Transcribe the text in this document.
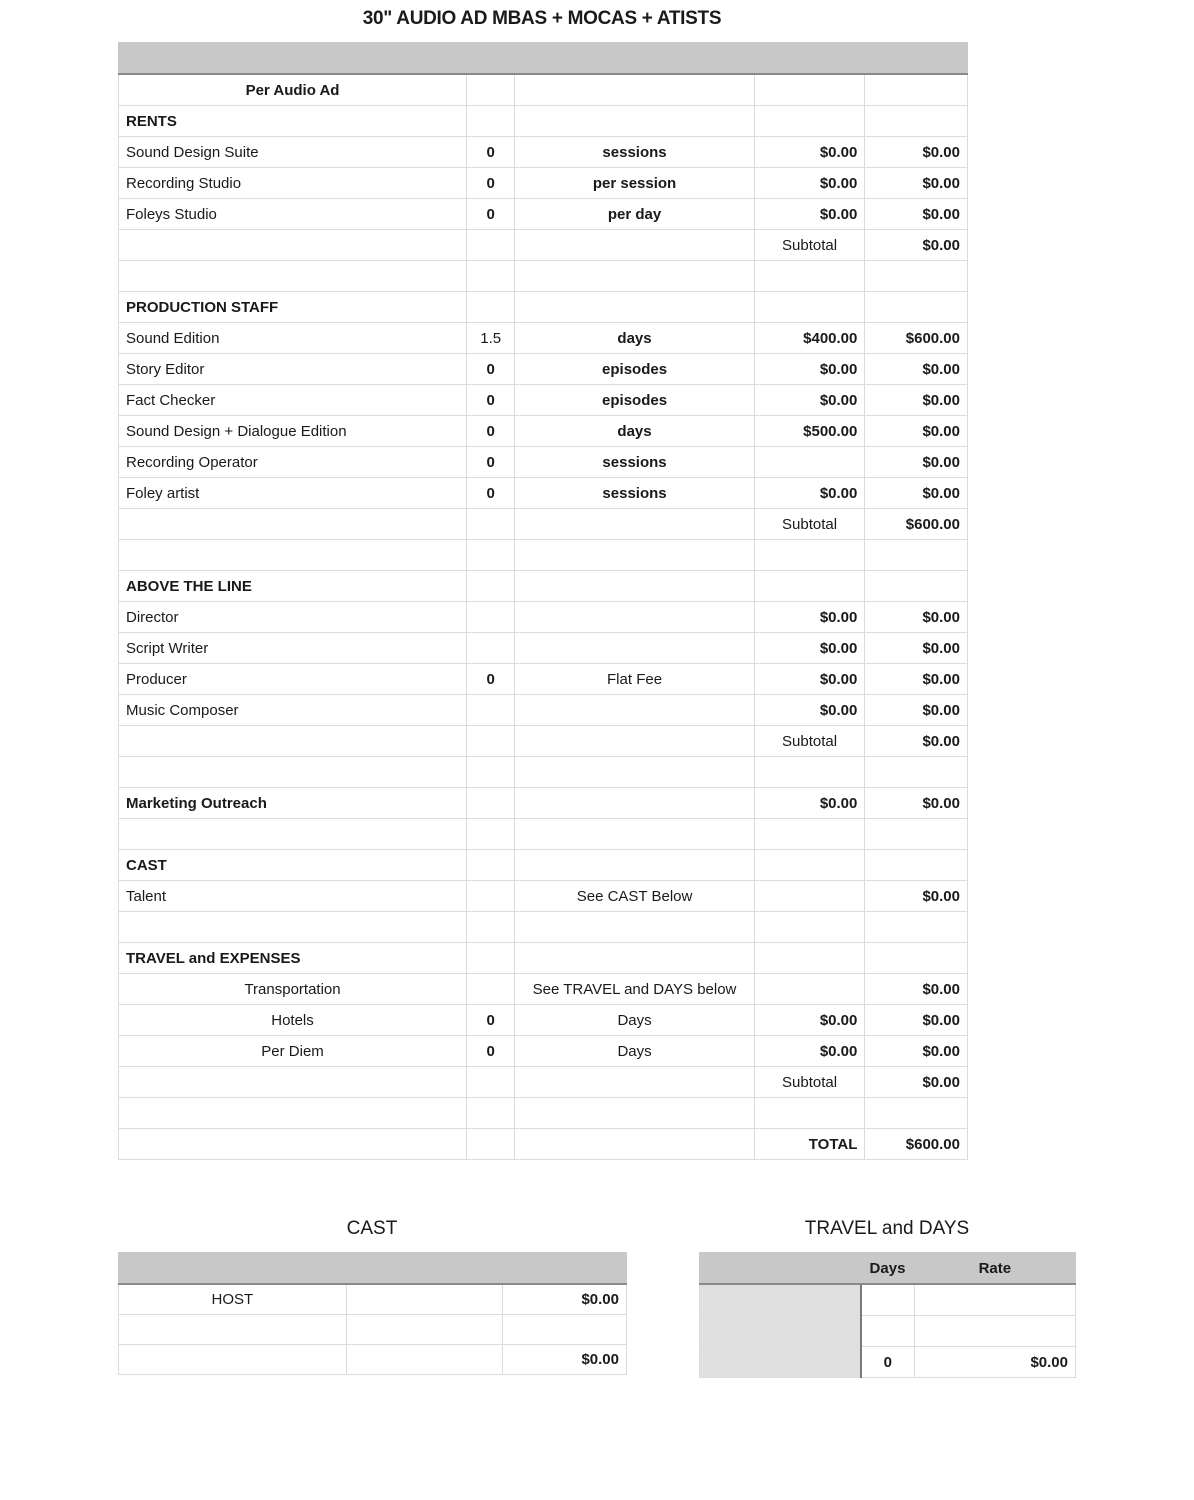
30" AUDIO AD MBAS + MOCAS + ATISTS

Per Audio Ad				
RENTS				
Sound Design Suite	0	sessions	$0.00	$0.00
Recording Studio	0	per session	$0.00	$0.00
Foleys Studio	0	per day	$0.00	$0.00
			Subtotal	$0.00

PRODUCTION STAFF				
Sound Edition	1.5	days	$400.00	$600.00
Story Editor	0	episodes	$0.00	$0.00
Fact Checker	0	episodes	$0.00	$0.00
Sound Design + Dialogue Edition	0	days	$500.00	$0.00
Recording Operator	0	sessions		$0.00
Foley artist	0	sessions	$0.00	$0.00
			Subtotal	$600.00

ABOVE THE LINE				
Director			$0.00	$0.00
Script Writer			$0.00	$0.00
Producer	0	Flat Fee	$0.00	$0.00
Music Composer			$0.00	$0.00
			Subtotal	$0.00

Marketing Outreach			$0.00	$0.00

CAST				
Talent		See CAST Below		$0.00

TRAVEL and EXPENSES				
Transportation		See TRAVEL and DAYS below		$0.00
Hotels	0	Days	$0.00	$0.00
Per Diem	0	Days	$0.00	$0.00
			Subtotal	$0.00

			TOTAL	$600.00
CAST

HOST		$0.00

		$0.00
TRAVEL and DAYS
	Days	Rate

	0	$0.00
